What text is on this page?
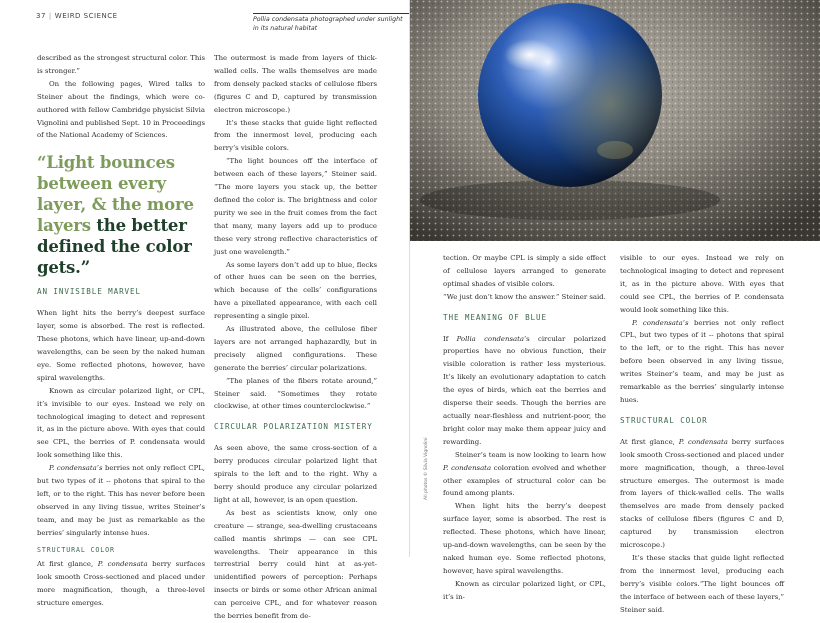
37 | WEIRD SCIENCE	Pollia condensata photographed under sunlight in its natural habitat

described as the strongest structural color. This is stronger.”

On the following pages, Wired talks to Steiner about the findings, which were co-authored with fellow Cambridge physicist Silvia Vignolini and published Sept. 10 in Proceedings of the National Academy of Sciences.

“Light bounces between every layer, & the more layers the better defined the color gets.”
AN INVISIBLE MARVEL

When light hits the berry’s deepest surface layer, some is absorbed. The rest is reflected. These photons, which have linear, up-and-down wavelengths, can be seen by the naked human eye. Some reflected photons, however, have spiral wavelengths.

Known as circular polarized light, or CPL, it’s invisible to our eyes. Instead we rely on technological imaging to detect and represent it, as in the picture above. With eyes that could see CPL, the berries of P. condensata would look something like this.

P. condensata’s berries not only reflect CPL, but two types of it -- photons that spiral to the left, or to the right. This has never before been observed in any living tissue, writes Steiner’s team, and may be just as remarkable as the berries’ singularly intense hues.

STRUCTURAL COLOR

At first glance, P. condensata berry surfaces look smooth Cross-sectioned and placed under more magnification, though, a three-level structure emerges.

The outermost is made from layers of thick-walled cells. The walls themselves are made from densely packed stacks of cellulose fibers (figures C and D, captured by transmission electron microscope.)

It’s these stacks that guide light reflected from the innermost level, producing each berry’s visible colors.

“The light bounces off the interface of between each of these layers,” Steiner said. “The more layers you stack up, the better defined the color is. The brightness and color purity we see in the fruit comes from the fact that many, many layers add up to produce these very strong reflective characteristics of just one wavelength.”

As some layers don’t add up to blue, flecks of other hues can be seen on the berries, which because of the cells’ configurations have a pixellated appearance, with each cell representing a single pixel.

As illustrated above, the cellulose fiber layers are not arranged haphazardly, but in precisely aligned configurations. These generate the berries’ circular polarizations.

“The planes of the fibers rotate around,” Steiner said. “Sometimes they rotate clockwise, at other times counterclockwise.”

CIRCULAR POLARIZATION MISTERY

As seen above, the same cross-section of a berry produces circular polarized light that spirals to the left and to the right. Why a berry should produce any circular polarized light at all, however, is an open question.

As best as scientists know, only one creature — strange, sea-dwelling crustaceans called mantis shrimps — can see CPL wavelengths. Their appearance in this terrestrial berry could hint at as-yet-unidentified powers of perception: Perhaps insects or birds or some other African animal can perceive CPL, and for whatever reason the berries benefit from de-

All photos © Silvia Vignolini

tection. Or maybe CPL is simply a side effect of cellulose layers arranged to generate optimal shades of visible colors.

“We just don’t know the answer.” Steiner said.

THE MEANING OF BLUE

If Pollia condensata’s circular polarized properties have no obvious function, their visible coloration is rather less mysterious. It’s likely an evolutionary adaptation to catch the eyes of birds, which eat the berries and disperse their seeds. Though the berries are actually near-fleshless and nutrient-poor, the bright color may make them appear juicy and rewarding.

Steiner’s team is now looking to learn how P. condensata coloration evolved and whether other examples of structural color can be found among plants.

When light hits the berry’s deepest surface layer, some is absorbed. The rest is reflected. These photons, which have linear, up-and-down wavelengths, can be seen by the naked human eye. Some reflected photons, however, have spiral wavelengths.

Known as circular polarized light, or CPL, it’s in-

visible to our eyes. Instead we rely on technological imaging to detect and represent it, as in the picture above. With eyes that could see CPL, the berries of P. condensata would look something like this.

P. condensata’s berries not only reflect CPL, but two types of it -- photons that spiral to the left, or to the right. This has never before been observed in any living tissue, writes Steiner’s team, and may be just as remarkable as the berries’ singularly intense hues.

STRUCTURAL COLOR

At first glance, P. condensata berry surfaces look smooth Cross-sectioned and placed under more magnification, though, a three-level structure emerges. The outermost is made from layers of thick-walled cells. The walls themselves are made from densely packed stacks of cellulose fibers (figures C and D, captured by transmission electron microscope.)

It’s these stacks that guide light reflected from the innermost level, producing each berry’s visible colors.“The light bounces off the interface of between each of these layers,” Steiner said.
